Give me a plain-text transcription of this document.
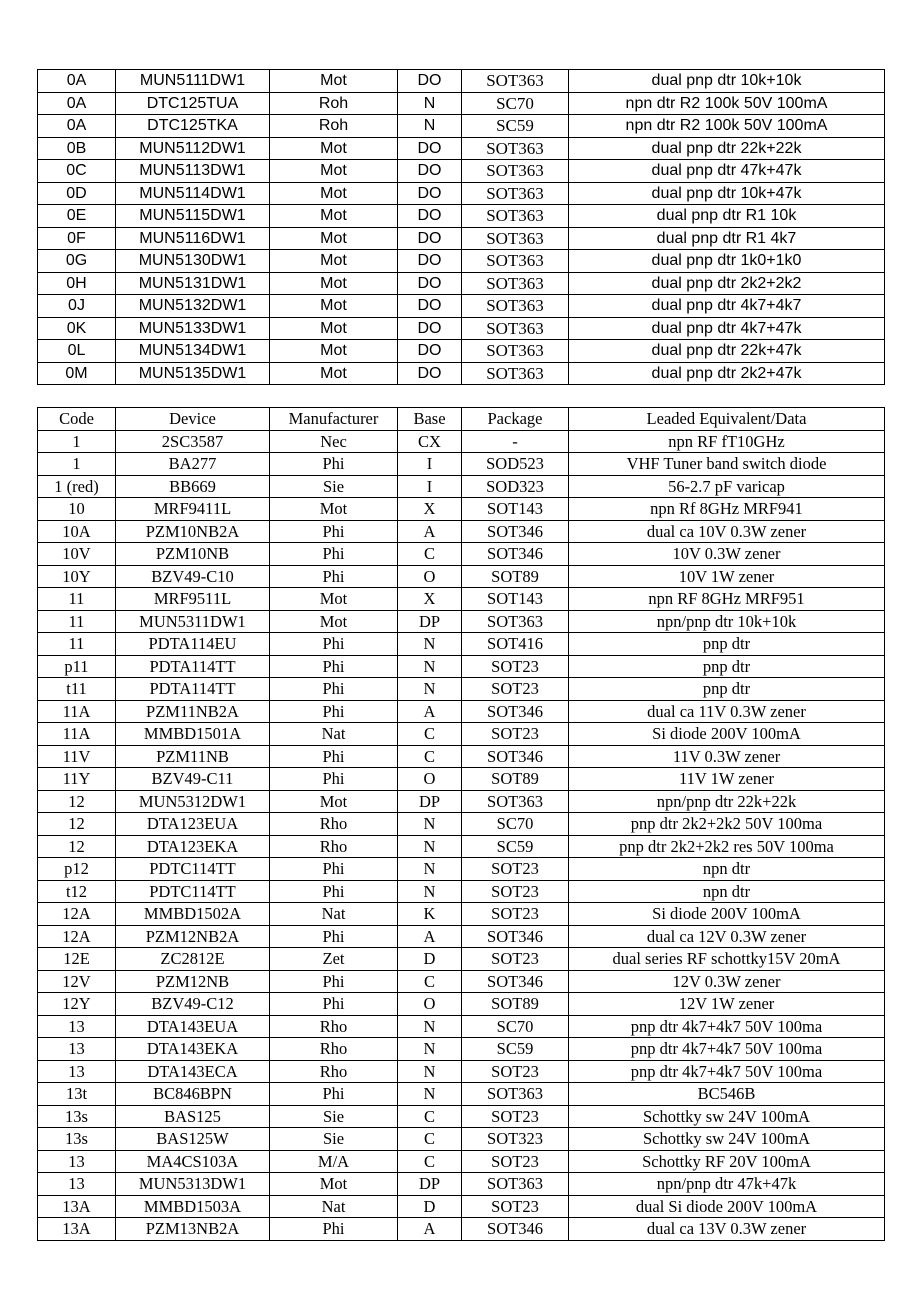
0A	MUN5111DW1	Mot	DO	SOT363	dual pnp dtr 10k+10k
0A	DTC125TUA	Roh	N	SC70	npn dtr R2 100k 50V 100mA
0A	DTC125TKA	Roh	N	SC59	npn dtr R2 100k 50V 100mA
0B	MUN5112DW1	Mot	DO	SOT363	dual pnp dtr 22k+22k
0C	MUN5113DW1	Mot	DO	SOT363	dual pnp dtr 47k+47k
0D	MUN5114DW1	Mot	DO	SOT363	dual pnp dtr 10k+47k
0E	MUN5115DW1	Mot	DO	SOT363	dual pnp dtr R1 10k
0F	MUN5116DW1	Mot	DO	SOT363	dual pnp dtr R1 4k7
0G	MUN5130DW1	Mot	DO	SOT363	dual pnp dtr 1k0+1k0
0H	MUN5131DW1	Mot	DO	SOT363	dual pnp dtr 2k2+2k2
0J	MUN5132DW1	Mot	DO	SOT363	dual pnp dtr 4k7+4k7
0K	MUN5133DW1	Mot	DO	SOT363	dual pnp dtr 4k7+47k
0L	MUN5134DW1	Mot	DO	SOT363	dual pnp dtr 22k+47k
0M	MUN5135DW1	Mot	DO	SOT363	dual pnp dtr 2k2+47k
Code	Device	Manufacturer	Base	Package	Leaded Equivalent/Data
1	2SC3587	Nec	CX	-	npn RF fT10GHz
1	BA277	Phi	I	SOD523	VHF Tuner band switch diode
1 (red)	BB669	Sie	I	SOD323	56-2.7 pF varicap
10	MRF9411L	Mot	X	SOT143	npn Rf 8GHz MRF941
10A	PZM10NB2A	Phi	A	SOT346	dual ca 10V 0.3W zener
10V	PZM10NB	Phi	C	SOT346	10V 0.3W zener
10Y	BZV49-C10	Phi	O	SOT89	10V 1W zener
11	MRF9511L	Mot	X	SOT143	npn RF 8GHz MRF951
11	MUN5311DW1	Mot	DP	SOT363	npn/pnp dtr 10k+10k
11	PDTA114EU	Phi	N	SOT416	pnp dtr
p11	PDTA114TT	Phi	N	SOT23	pnp dtr
t11	PDTA114TT	Phi	N	SOT23	pnp dtr
11A	PZM11NB2A	Phi	A	SOT346	dual ca 11V 0.3W zener
11A	MMBD1501A	Nat	C	SOT23	Si diode 200V 100mA
11V	PZM11NB	Phi	C	SOT346	11V 0.3W zener
11Y	BZV49-C11	Phi	O	SOT89	11V 1W zener
12	MUN5312DW1	Mot	DP	SOT363	npn/pnp dtr 22k+22k
12	DTA123EUA	Rho	N	SC70	pnp dtr 2k2+2k2 50V 100ma
12	DTA123EKA	Rho	N	SC59	pnp dtr 2k2+2k2 res 50V 100ma
p12	PDTC114TT	Phi	N	SOT23	npn dtr
t12	PDTC114TT	Phi	N	SOT23	npn dtr
12A	MMBD1502A	Nat	K	SOT23	Si diode 200V 100mA
12A	PZM12NB2A	Phi	A	SOT346	dual ca 12V 0.3W zener
12E	ZC2812E	Zet	D	SOT23	dual series RF schottky15V 20mA
12V	PZM12NB	Phi	C	SOT346	12V 0.3W zener
12Y	BZV49-C12	Phi	O	SOT89	12V 1W zener
13	DTA143EUA	Rho	N	SC70	pnp dtr 4k7+4k7 50V 100ma
13	DTA143EKA	Rho	N	SC59	pnp dtr 4k7+4k7 50V 100ma
13	DTA143ECA	Rho	N	SOT23	pnp dtr 4k7+4k7 50V 100ma
13t	BC846BPN	Phi	N	SOT363	BC546B
13s	BAS125	Sie	C	SOT23	Schottky sw 24V 100mA
13s	BAS125W	Sie	C	SOT323	Schottky sw 24V 100mA
13	MA4CS103A	M/A	C	SOT23	Schottky RF 20V 100mA
13	MUN5313DW1	Mot	DP	SOT363	npn/pnp dtr 47k+47k
13A	MMBD1503A	Nat	D	SOT23	dual Si diode 200V 100mA
13A	PZM13NB2A	Phi	A	SOT346	dual ca 13V 0.3W zener
